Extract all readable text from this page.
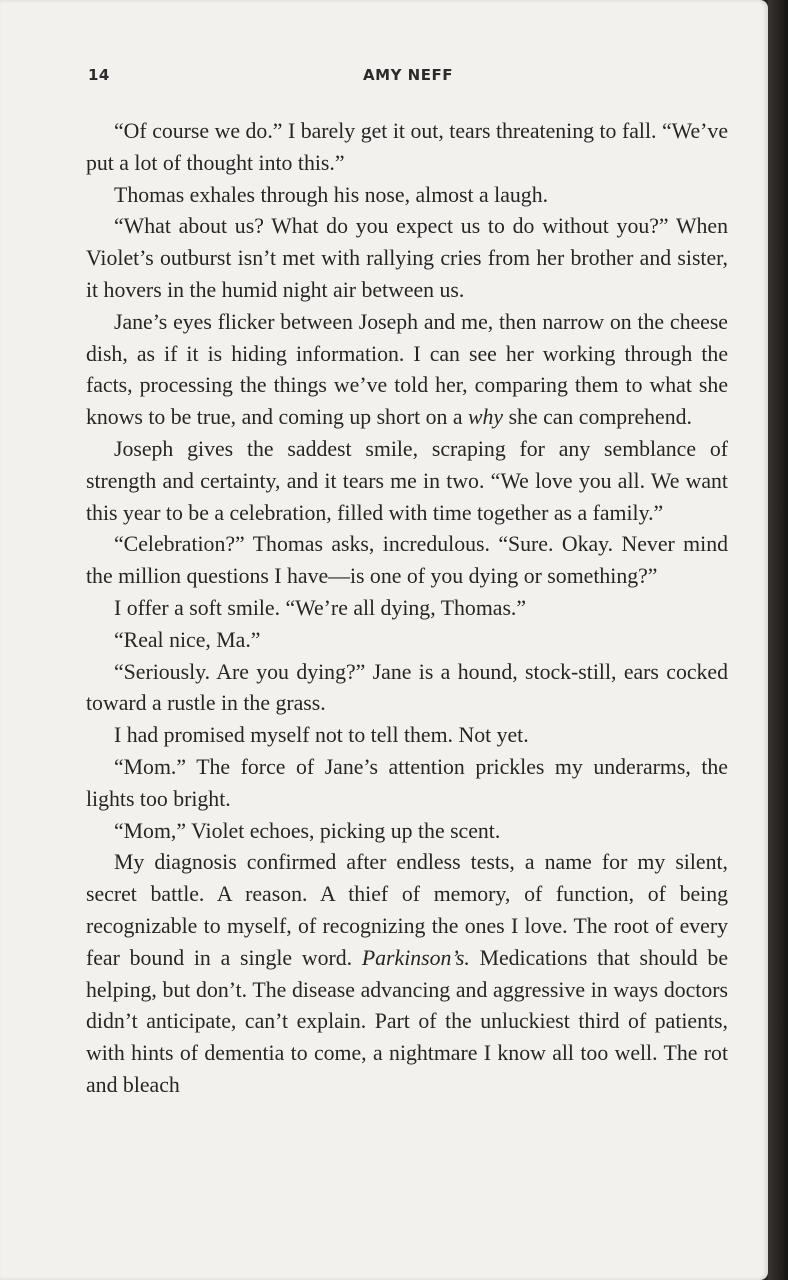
14	AMY NEFF

“Of course we do.” I barely get it out, tears threatening to fall. “We’ve put a lot of thought into this.”

Thomas exhales through his nose, almost a laugh.

“What about us? What do you expect us to do without you?” When Violet’s outburst isn’t met with rallying cries from her brother and sister, it hovers in the humid night air between us.

Jane’s eyes flicker between Joseph and me, then narrow on the cheese dish, as if it is hiding information. I can see her working through the facts, processing the things we’ve told her, comparing them to what she knows to be true, and coming up short on a why she can comprehend.

Joseph gives the saddest smile, scraping for any semblance of strength and certainty, and it tears me in two. “We love you all. We want this year to be a celebration, filled with time together as a family.”

“Celebration?” Thomas asks, incredulous. “Sure. Okay. Never mind the million questions I have—is one of you dying or something?”

I offer a soft smile. “We’re all dying, Thomas.”

“Real nice, Ma.”

“Seriously. Are you dying?” Jane is a hound, stock-still, ears cocked toward a rustle in the grass.

I had promised myself not to tell them. Not yet.

“Mom.” The force of Jane’s attention prickles my underarms, the lights too bright.

“Mom,” Violet echoes, picking up the scent.

My diagnosis confirmed after endless tests, a name for my silent, secret battle. A reason. A thief of memory, of function, of being recognizable to myself, of recognizing the ones I love. The root of every fear bound in a single word. Parkinson’s. Medications that should be helping, but don’t. The disease advancing and aggressive in ways doctors didn’t anticipate, can’t explain. Part of the unluckiest third of patients, with hints of dementia to come, a nightmare I know all too well. The rot and bleach
